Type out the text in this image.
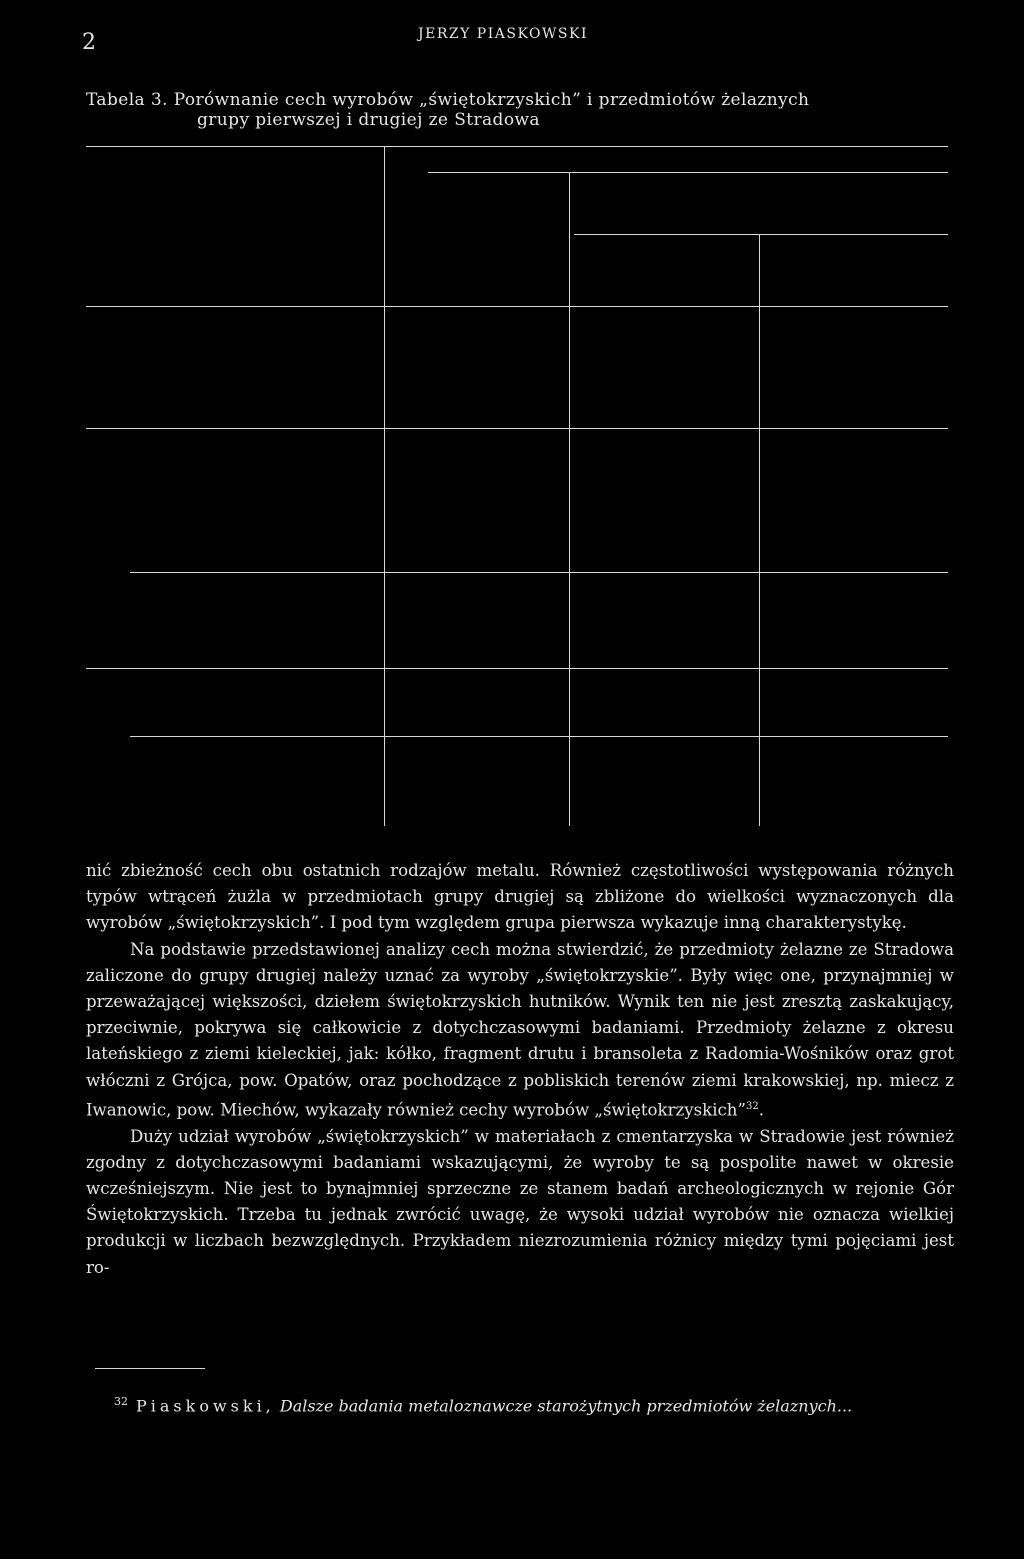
2	JERZY PIASKOWSKI
Tabela 3. Porównanie cech wyrobów „świętokrzyskich” i przedmiotów żelaznych
grupy pierwszej i drugiej ze Stradowa

nić zbieżność cech obu ostatnich rodzajów metalu. Również częstotliwości występowania różnych typów wtrąceń żużla w przedmiotach grupy drugiej są zbliżone do wielkości wyznaczonych dla wyrobów „świętokrzyskich”. I pod tym względem grupa pierwsza wykazuje inną charakterystykę.

Na podstawie przedstawionej analizy cech można stwierdzić, że przedmioty żelazne ze Stradowa zaliczone do grupy drugiej należy uznać za wyroby „świętokrzyskie”. Były więc one, przynajmniej w przeważającej większości, dziełem świętokrzyskich hutników. Wynik ten nie jest zresztą zaskakujący, przeciwnie, pokrywa się całkowicie z dotychczasowymi badaniami. Przedmioty żelazne z okresu lateńskiego z ziemi kieleckiej, jak: kółko, fragment drutu i bransoleta z Radomia-Wośników oraz grot włóczni z Grójca, pow. Opatów, oraz pochodzące z pobliskich terenów ziemi krakowskiej, np. miecz z Iwanowic, pow. Miechów, wykazały również cechy wyrobów „świętokrzyskich”$^{32}$.

Duży udział wyrobów „świętokrzyskich” w materiałach z cmentarzyska w Stradowie jest również zgodny z dotychczasowymi badaniami wskazującymi, że wyroby te są pospolite nawet w okresie wcześniejszym. Nie jest to bynajmniej sprzeczne ze stanem badań archeologicznych w rejonie Gór Świętokrzyskich. Trzeba tu jednak zwrócić uwagę, że wysoki udział wyrobów nie oznacza wielkiej produkcji w liczbach bezwzględnych. Przykładem niezrozumienia różnicy między tymi pojęciami jest ro-

$^{32}$ Piaskowski, Dalsze badania metaloznawcze starożytnych przedmiotów żelaznych...
